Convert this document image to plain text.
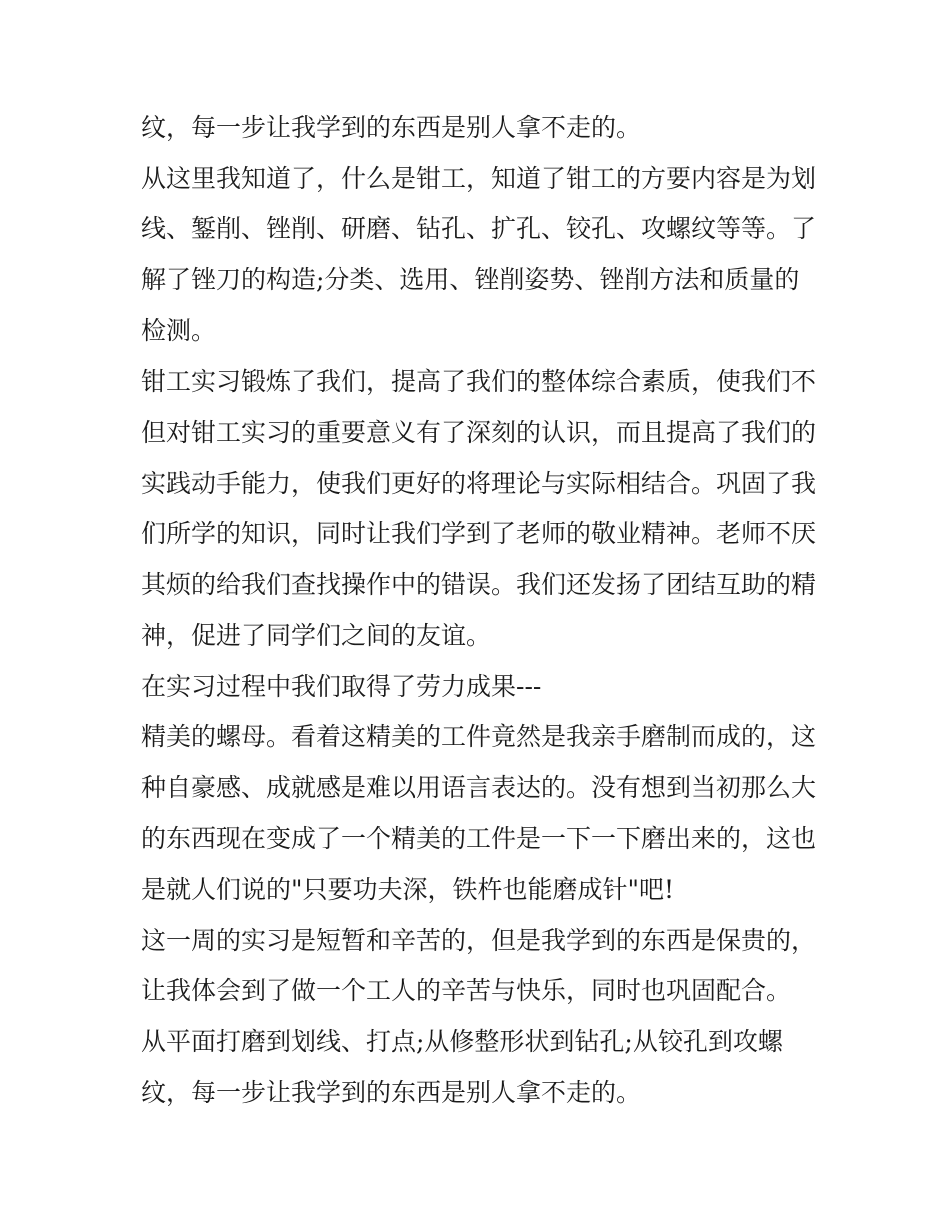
纹，每一步让我学到的东西是别人拿不走的。
从这里我知道了，什么是钳工，知道了钳工的方要内容是为划
线、錾削、锉削、研磨、钻孔、扩孔、铰孔、攻螺纹等等。了
解了锉刀的构造;分类、选用、锉削姿势、锉削方法和质量的
检测。
钳工实习锻炼了我们，提高了我们的整体综合素质，使我们不
但对钳工实习的重要意义有了深刻的认识，而且提高了我们的
实践动手能力，使我们更好的将理论与实际相结合。巩固了我
们所学的知识，同时让我们学到了老师的敬业精神。老师不厌
其烦的给我们查找操作中的错误。我们还发扬了团结互助的精
神，促进了同学们之间的友谊。
在实习过程中我们取得了劳力成果---
精美的螺母。看着这精美的工件竟然是我亲手磨制而成的，这
种自豪感、成就感是难以用语言表达的。没有想到当初那么大
的东西现在变成了一个精美的工件是一下一下磨出来的，这也
是就人们说的"只要功夫深，铁杵也能磨成针"吧!
这一周的实习是短暂和辛苦的，但是我学到的东西是保贵的，
让我体会到了做一个工人的辛苦与快乐，同时也巩固配合。
从平面打磨到划线、打点;从修整形状到钻孔;从铰孔到攻螺
纹，每一步让我学到的东西是别人拿不走的。
